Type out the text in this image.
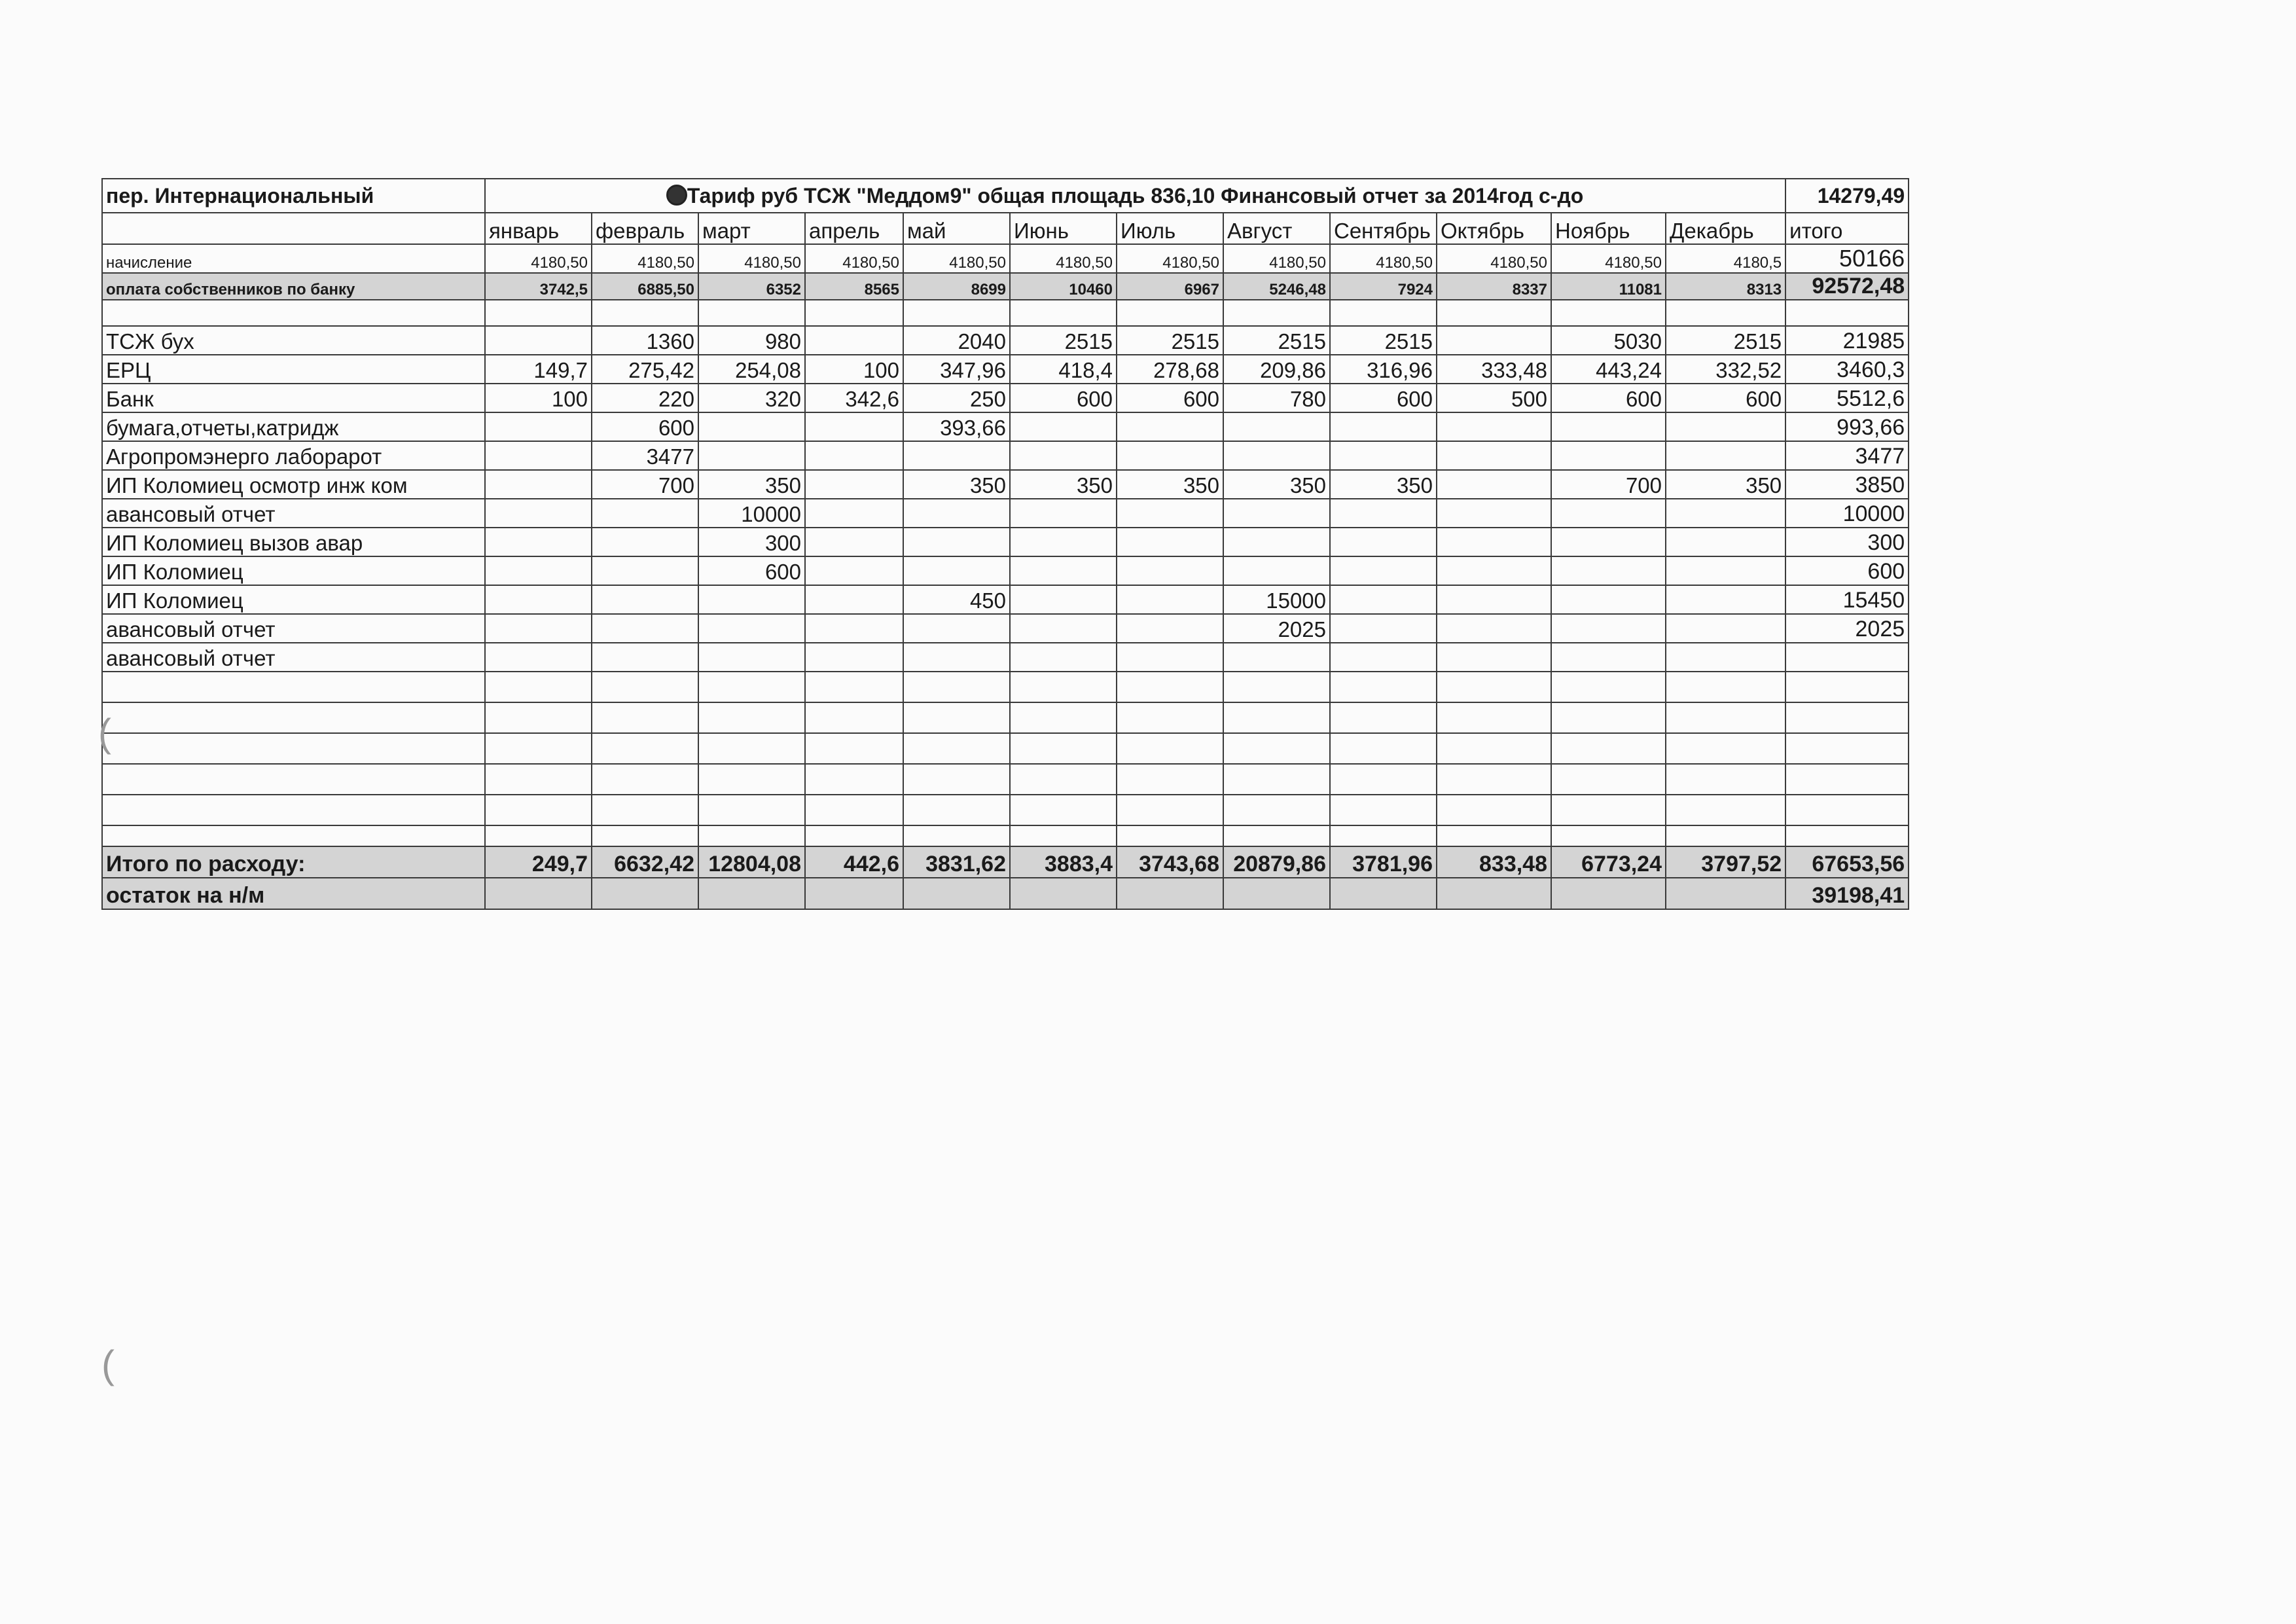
пер. Интернациональный	Тариф руб ТСЖ "Меддом9" общая площадь 836,10 Финансовый отчет за 2014год с-до												14279,49
	январь	февраль	март	апрель	май	Июнь	Июль	Август	Сентябрь	Октябрь	Ноябрь	Декабрь	итого
начисление	4180,50	4180,50	4180,50	4180,50	4180,50	4180,50	4180,50	4180,50	4180,50	4180,50	4180,50	4180,5	50166
оплата собственников по банку	3742,5	6885,50	6352	8565	8699	10460	6967	5246,48	7924	8337	11081	8313	92572,48

ТСЖ бух		1360	980		2040	2515	2515	2515	2515		5030	2515	21985
ЕРЦ	149,7	275,42	254,08	100	347,96	418,4	278,68	209,86	316,96	333,48	443,24	332,52	3460,3
Банк	100	220	320	342,6	250	600	600	780	600	500	600	600	5512,6
бумага,отчеты,катридж		600			393,66								993,66
Агропромэнерго лаборарот		3477											3477
ИП Коломиец осмотр инж ком		700	350		350	350	350	350	350		700	350	3850
авансовый отчет			10000										10000
ИП Коломиец вызов авар			300										300
ИП Коломиец			600										600
ИП Коломиец					450			15000					15450
авансовый отчет								2025					2025
авансовый отчет													

Итого по расходу:	249,7	6632,42	12804,08	442,6	3831,62	3883,4	3743,68	20879,86	3781,96	833,48	6773,24	3797,52	67653,56
остаток на н/м													39198,41
(
(
